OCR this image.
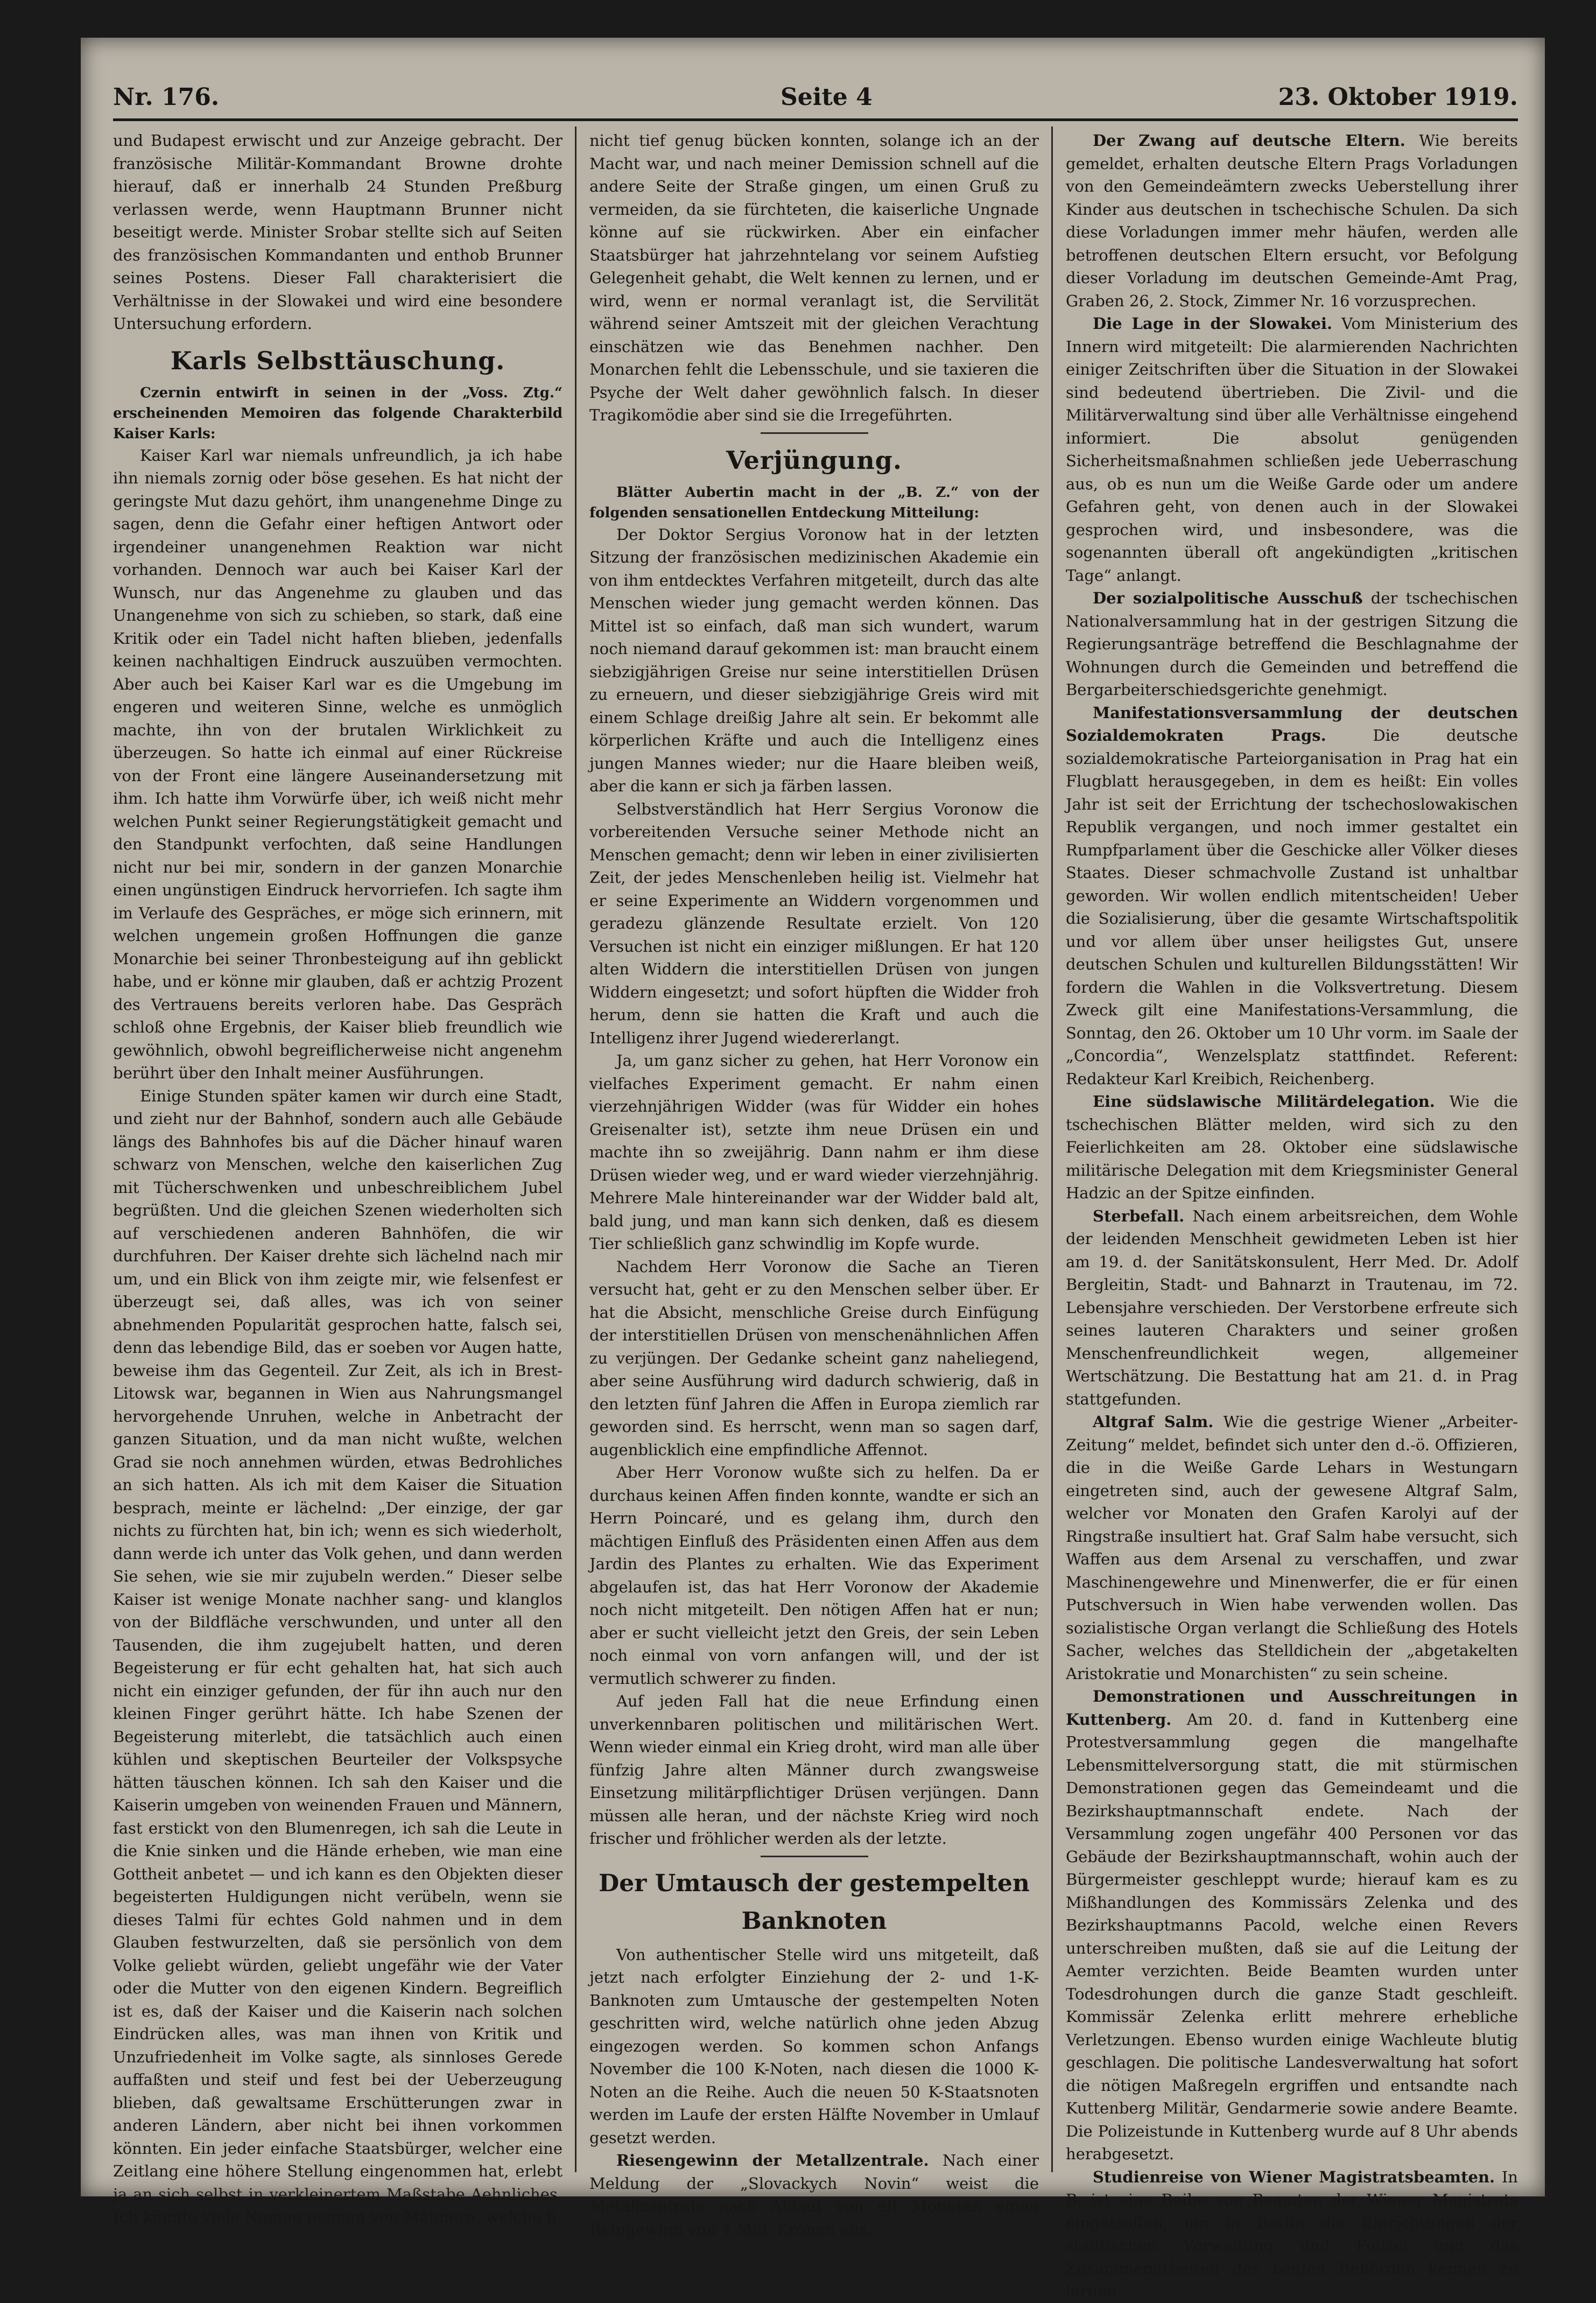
Nr. 176.	Seite 4	23. Oktober 1919.

und Budapest erwischt und zur Anzeige gebracht. Der französische Militär-Kommandant Browne drohte hierauf, daß er innerhalb 24 Stunden Preßburg verlassen werde, wenn Hauptmann Brunner nicht beseitigt werde. Minister Srobar stellte sich auf Seiten des französischen Kommandanten und enthob Brunner seines Postens. Dieser Fall charakterisiert die Verhältnisse in der Slowakei und wird eine besondere Untersuchung erfordern.

Karls Selbsttäuschung.

Czernin entwirft in seinen in der „Voss. Ztg.“ erscheinenden Memoiren das folgende Charakterbild Kaiser Karls:

Kaiser Karl war niemals unfreundlich, ja ich habe ihn niemals zornig oder böse gesehen. Es hat nicht der geringste Mut dazu gehört, ihm unangenehme Dinge zu sagen, denn die Gefahr einer heftigen Antwort oder irgendeiner unangenehmen Reaktion war nicht vorhanden. Dennoch war auch bei Kaiser Karl der Wunsch, nur das Angenehme zu glauben und das Unangenehme von sich zu schieben, so stark, daß eine Kritik oder ein Tadel nicht haften blieben, jedenfalls keinen nachhaltigen Eindruck auszuüben vermochten. Aber auch bei Kaiser Karl war es die Umgebung im engeren und weiteren Sinne, welche es unmöglich machte, ihn von der brutalen Wirklichkeit zu überzeugen. So hatte ich einmal auf einer Rückreise von der Front eine längere Auseinandersetzung mit ihm. Ich hatte ihm Vorwürfe über, ich weiß nicht mehr welchen Punkt seiner Regierungstätigkeit gemacht und den Standpunkt verfochten, daß seine Handlungen nicht nur bei mir, sondern in der ganzen Monarchie einen ungünstigen Eindruck hervorriefen. Ich sagte ihm im Verlaufe des Gespräches, er möge sich erinnern, mit welchen ungemein großen Hoffnungen die ganze Monarchie bei seiner Thronbesteigung auf ihn geblickt habe, und er könne mir glauben, daß er achtzig Prozent des Vertrauens bereits verloren habe. Das Gespräch schloß ohne Ergebnis, der Kaiser blieb freundlich wie gewöhnlich, obwohl begreiflicherweise nicht angenehm berührt über den Inhalt meiner Ausführungen.

Einige Stunden später kamen wir durch eine Stadt, und zieht nur der Bahnhof, sondern auch alle Gebäude längs des Bahnhofes bis auf die Dächer hinauf waren schwarz von Menschen, welche den kaiserlichen Zug mit Tücherschwenken und unbeschreiblichem Jubel begrüßten. Und die gleichen Szenen wiederholten sich auf verschiedenen anderen Bahnhöfen, die wir durchfuhren. Der Kaiser drehte sich lächelnd nach mir um, und ein Blick von ihm zeigte mir, wie felsenfest er überzeugt sei, daß alles, was ich von seiner abnehmenden Popularität gesprochen hatte, falsch sei, denn das lebendige Bild, das er soeben vor Augen hatte, beweise ihm das Gegenteil. Zur Zeit, als ich in Brest-Litowsk war, begannen in Wien aus Nahrungsmangel hervorgehende Unruhen, welche in Anbetracht der ganzen Situation, und da man nicht wußte, welchen Grad sie noch annehmen würden, etwas Bedrohliches an sich hatten. Als ich mit dem Kaiser die Situation besprach, meinte er lächelnd: „Der einzige, der gar nichts zu fürchten hat, bin ich; wenn es sich wiederholt, dann werde ich unter das Volk gehen, und dann werden Sie sehen, wie sie mir zujubeln werden.“ Dieser selbe Kaiser ist wenige Monate nachher sang- und klanglos von der Bildfläche verschwunden, und unter all den Tausenden, die ihm zugejubelt hatten, und deren Begeisterung er für echt gehalten hat, hat sich auch nicht ein einziger gefunden, der für ihn auch nur den kleinen Finger gerührt hätte. Ich habe Szenen der Begeisterung miterlebt, die tatsächlich auch einen kühlen und skeptischen Beurteiler der Volkspsyche hätten täuschen können. Ich sah den Kaiser und die Kaiserin umgeben von weinenden Frauen und Männern, fast erstickt von den Blumenregen, ich sah die Leute in die Knie sinken und die Hände erheben, wie man eine Gottheit anbetet — und ich kann es den Objekten dieser begeisterten Huldigungen nicht verübeln, wenn sie dieses Talmi für echtes Gold nahmen und in dem Glauben festwurzelten, daß sie persönlich von dem Volke geliebt würden, geliebt ungefähr wie der Vater oder die Mutter von den eigenen Kindern. Begreiflich ist es, daß der Kaiser und die Kaiserin nach solchen Eindrücken alles, was man ihnen von Kritik und Unzufriedenheit im Volke sagte, als sinnloses Gerede auffaßten und steif und fest bei der Ueberzeugung blieben, daß gewaltsame Erschütterungen zwar in anderen Ländern, aber nicht bei ihnen vorkommen könnten. Ein jeder einfache Staatsbürger, welcher eine Zeitlang eine höhere Stellung eingenommen hat, erlebt ja an sich selbst in verkleinertem Maßstabe Aehnliches. Ich könnte viele Namen nennen von Männern, welche fi

nicht tief genug bücken konnten, solange ich an der Macht war, und nach meiner Demission schnell auf die andere Seite der Straße gingen, um einen Gruß zu vermeiden, da sie fürchteten, die kaiserliche Ungnade könne auf sie rückwirken. Aber ein einfacher Staatsbürger hat jahrzehntelang vor seinem Aufstieg Gelegenheit gehabt, die Welt kennen zu lernen, und er wird, wenn er normal veranlagt ist, die Servilität während seiner Amtszeit mit der gleichen Verachtung einschätzen wie das Benehmen nachher. Den Monarchen fehlt die Lebensschule, und sie taxieren die Psyche der Welt daher gewöhnlich falsch. In dieser Tragikomödie aber sind sie die Irregeführten.

Verjüngung.

Blätter Aubertin macht in der „B. Z.“ von der folgenden sensationellen Entdeckung Mitteilung:

Der Doktor Sergius Voronow hat in der letzten Sitzung der französischen medizinischen Akademie ein von ihm entdecktes Verfahren mitgeteilt, durch das alte Menschen wieder jung gemacht werden können. Das Mittel ist so einfach, daß man sich wundert, warum noch niemand darauf gekommen ist: man braucht einem siebzigjährigen Greise nur seine interstitiellen Drüsen zu erneuern, und dieser siebzigjährige Greis wird mit einem Schlage dreißig Jahre alt sein. Er bekommt alle körperlichen Kräfte und auch die Intelligenz eines jungen Mannes wieder; nur die Haare bleiben weiß, aber die kann er sich ja färben lassen.

Selbstverständlich hat Herr Sergius Voronow die vorbereitenden Versuche seiner Methode nicht an Menschen gemacht; denn wir leben in einer zivilisierten Zeit, der jedes Menschenleben heilig ist. Vielmehr hat er seine Experimente an Widdern vorgenommen und geradezu glänzende Resultate erzielt. Von 120 Versuchen ist nicht ein einziger mißlungen. Er hat 120 alten Widdern die interstitiellen Drüsen von jungen Widdern eingesetzt; und sofort hüpften die Widder froh herum, denn sie hatten die Kraft und auch die Intelligenz ihrer Jugend wiedererlangt.

Ja, um ganz sicher zu gehen, hat Herr Voronow ein vielfaches Experiment gemacht. Er nahm einen vierzehnjährigen Widder (was für Widder ein hohes Greisenalter ist), setzte ihm neue Drüsen ein und machte ihn so zweijährig. Dann nahm er ihm diese Drüsen wieder weg, und er ward wieder vierzehnjährig. Mehrere Male hintereinander war der Widder bald alt, bald jung, und man kann sich denken, daß es diesem Tier schließlich ganz schwindlig im Kopfe wurde.

Nachdem Herr Voronow die Sache an Tieren versucht hat, geht er zu den Menschen selber über. Er hat die Absicht, menschliche Greise durch Einfügung der interstitiellen Drüsen von menschenähnlichen Affen zu verjüngen. Der Gedanke scheint ganz naheliegend, aber seine Ausführung wird dadurch schwierig, daß in den letzten fünf Jahren die Affen in Europa ziemlich rar geworden sind. Es herrscht, wenn man so sagen darf, augenblicklich eine empfindliche Affennot.

Aber Herr Voronow wußte sich zu helfen. Da er durchaus keinen Affen finden konnte, wandte er sich an Herrn Poincaré, und es gelang ihm, durch den mächtigen Einfluß des Präsidenten einen Affen aus dem Jardin des Plantes zu erhalten. Wie das Experiment abgelaufen ist, das hat Herr Voronow der Akademie noch nicht mitgeteilt. Den nötigen Affen hat er nun; aber er sucht vielleicht jetzt den Greis, der sein Leben noch einmal von vorn anfangen will, und der ist vermutlich schwerer zu finden.

Auf jeden Fall hat die neue Erfindung einen unverkennbaren politischen und militärischen Wert. Wenn wieder einmal ein Krieg droht, wird man alle über fünfzig Jahre alten Männer durch zwangsweise Einsetzung militärpflichtiger Drüsen verjüngen. Dann müssen alle heran, und der nächste Krieg wird noch frischer und fröhlicher werden als der letzte.

Der Umtausch der gestempelten Banknoten

Von authentischer Stelle wird uns mitgeteilt, daß jetzt nach erfolgter Einziehung der 2- und 1-K-Banknoten zum Umtausche der gestempelten Noten geschritten wird, welche natürlich ohne jeden Abzug eingezogen werden. So kommen schon Anfangs November die 100 K-Noten, nach diesen die 1000 K-Noten an die Reihe. Auch die neuen 50 K-Staatsnoten werden im Laufe der ersten Hälfte November in Umlauf gesetzt werden.

Riesengewinn der Metallzentrale. Nach einer Meldung der „Slovackych Novin“ weist die Metallzentrale nach Ablauf von elf Monaten einen Reingewinn von 4 Mill. Kronen aus.

Der Zwang auf deutsche Eltern. Wie bereits gemeldet, erhalten deutsche Eltern Prags Vorladungen von den Gemeindeämtern zwecks Ueberstellung ihrer Kinder aus deutschen in tschechische Schulen. Da sich diese Vorladungen immer mehr häufen, werden alle betroffenen deutschen Eltern ersucht, vor Befolgung dieser Vorladung im deutschen Gemeinde-Amt Prag, Graben 26, 2. Stock, Zimmer Nr. 16 vorzusprechen.

Die Lage in der Slowakei. Vom Ministerium des Innern wird mitgeteilt: Die alarmierenden Nachrichten einiger Zeitschriften über die Situation in der Slowakei sind bedeutend übertrieben. Die Zivil- und die Militärverwaltung sind über alle Verhältnisse eingehend informiert. Die absolut genügenden Sicherheitsmaßnahmen schließen jede Ueberraschung aus, ob es nun um die Weiße Garde oder um andere Gefahren geht, von denen auch in der Slowakei gesprochen wird, und insbesondere, was die sogenannten überall oft angekündigten „kritischen Tage“ anlangt.

Der sozialpolitische Ausschuß der tschechischen Nationalversammlung hat in der gestrigen Sitzung die Regierungsanträge betreffend die Beschlagnahme der Wohnungen durch die Gemeinden und betreffend die Bergarbeiterschiedsgerichte genehmigt.

Manifestationsversammlung der deutschen Sozialdemokraten Prags. Die deutsche sozialdemokratische Parteiorganisation in Prag hat ein Flugblatt herausgegeben, in dem es heißt: Ein volles Jahr ist seit der Errichtung der tschechoslowakischen Republik vergangen, und noch immer gestaltet ein Rumpfparlament über die Geschicke aller Völker dieses Staates. Dieser schmachvolle Zustand ist unhaltbar geworden. Wir wollen endlich mitentscheiden! Ueber die Sozialisierung, über die gesamte Wirtschaftspolitik und vor allem über unser heiligstes Gut, unsere deutschen Schulen und kulturellen Bildungsstätten! Wir fordern die Wahlen in die Volksvertretung. Diesem Zweck gilt eine Manifestations-Versammlung, die Sonntag, den 26. Oktober um 10 Uhr vorm. im Saale der „Concordia“, Wenzelsplatz stattfindet. Referent: Redakteur Karl Kreibich, Reichenberg.

Eine südslawische Militärdelegation. Wie die tschechischen Blätter melden, wird sich zu den Feierlichkeiten am 28. Oktober eine südslawische militärische Delegation mit dem Kriegsminister General Hadzic an der Spitze einfinden.

Sterbefall. Nach einem arbeitsreichen, dem Wohle der leidenden Menschheit gewidmeten Leben ist hier am 19. d. der Sanitätskonsulent, Herr Med. Dr. Adolf Bergleitin, Stadt- und Bahnarzt in Trautenau, im 72. Lebensjahre verschieden. Der Verstorbene erfreute sich seines lauteren Charakters und seiner großen Menschenfreundlichkeit wegen, allgemeiner Wertschätzung. Die Bestattung hat am 21. d. in Prag stattgefunden.

Altgraf Salm. Wie die gestrige Wiener „Arbeiter-Zeitung“ meldet, befindet sich unter den d.-ö. Offizieren, die in die Weiße Garde Lehars in Westungarn eingetreten sind, auch der gewesene Altgraf Salm, welcher vor Monaten den Grafen Karolyi auf der Ringstraße insultiert hat. Graf Salm habe versucht, sich Waffen aus dem Arsenal zu verschaffen, und zwar Maschinengewehre und Minenwerfer, die er für einen Putschversuch in Wien habe verwenden wollen. Das sozialistische Organ verlangt die Schließung des Hotels Sacher, welches das Stelldichein der „abgetakelten Aristokratie und Monarchisten“ zu sein scheine.

Demonstrationen und Ausschreitungen in Kuttenberg. Am 20. d. fand in Kuttenberg eine Protestversammlung gegen die mangelhafte Lebensmittelversorgung statt, die mit stürmischen Demonstrationen gegen das Gemeindeamt und die Bezirkshauptmannschaft endete. Nach der Versammlung zogen ungefähr 400 Personen vor das Gebäude der Bezirkshauptmannschaft, wohin auch der Bürgermeister geschleppt wurde; hierauf kam es zu Mißhandlungen des Kommissärs Zelenka und des Bezirkshauptmanns Pacold, welche einen Revers unterschreiben mußten, daß sie auf die Leitung der Aemter verzichten. Beide Beamten wurden unter Todesdrohungen durch die ganze Stadt geschleift. Kommissär Zelenka erlitt mehrere erhebliche Verletzungen. Ebenso wurden einige Wachleute blutig geschlagen. Die politische Landesverwaltung hat sofort die nötigen Maßregeln ergriffen und entsandte nach Kuttenberg Militär, Gendarmerie sowie andere Beamte. Die Polizeistunde in Kuttenberg wurde auf 8 Uhr abends herabgesetzt.

Studienreise von Wiener Magistratsbeamten. In B. ist eine Reihe von Beamten der Wiener Magistrats eingetroffen, um in Berlin die Einrichtungen der städtischen Verwaltung und Polizei und das Zusammenarbeiten der beiden Behörden kennen zu lernen.
